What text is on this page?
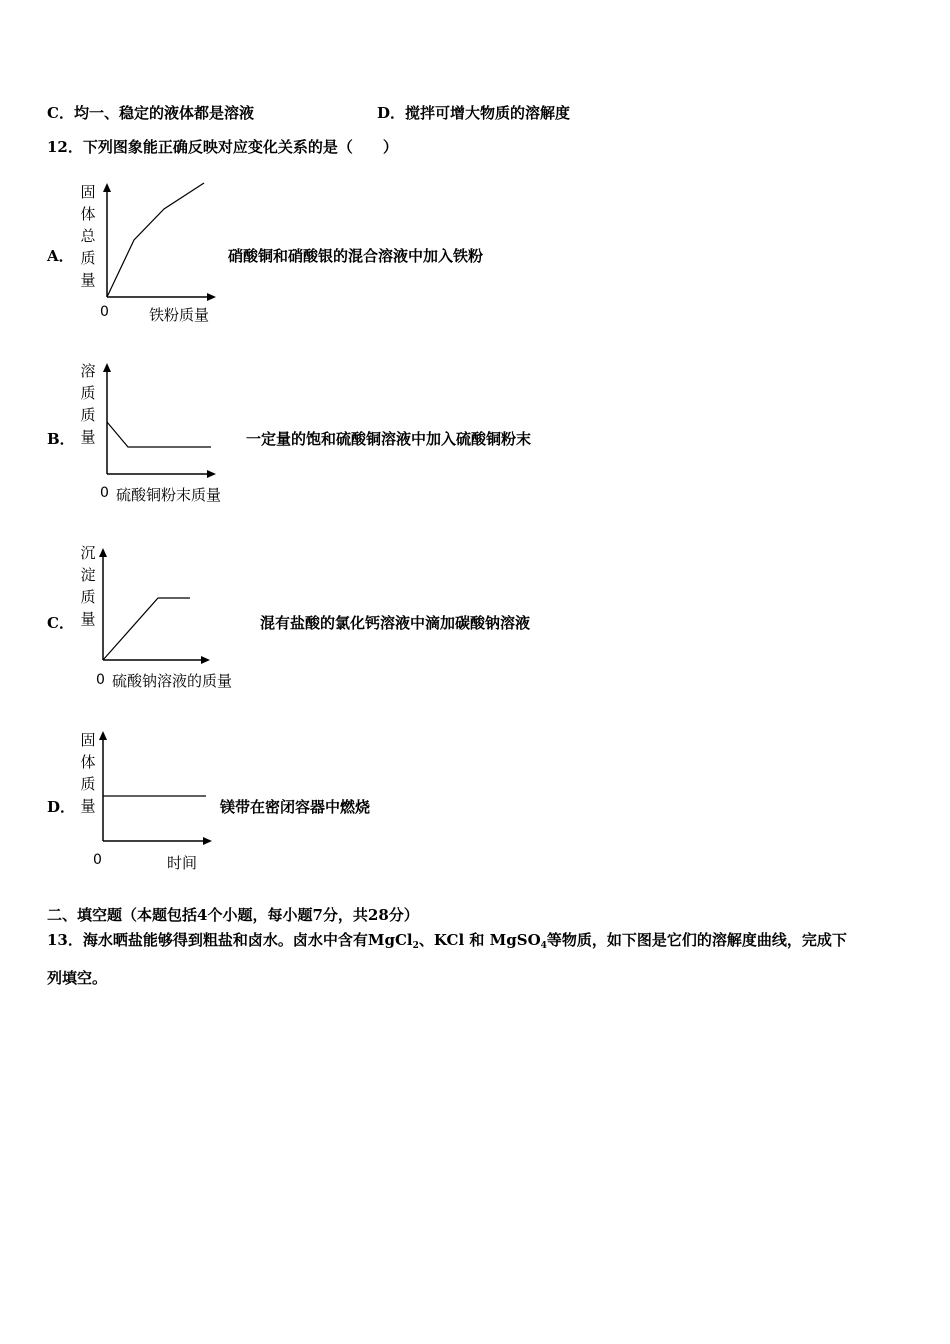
C．均一、稳定的液体都是溶液	D．搅拌可增大物质的溶解度
12．下列图象能正确反映对应变化关系的是（　　）
A．
固
体
总
质
量
0	铁粉质量
硝酸铜和硝酸银的混合溶液中加入铁粉
B．
溶
质
质
量
0 硫酸铜粉末质量
一定量的饱和硫酸铜溶液中加入硫酸铜粉末
C．
沉
淀
质
量
0 硫酸钠溶液的质量
混有盐酸的氯化钙溶液中滴加碳酸钠溶液
D．
固
体
质
量
0	时间
镁带在密闭容器中燃烧
二、填空题（本题包括4个小题，每小题7分，共28分）
13．海水晒盐能够得到粗盐和卤水。卤水中含有MgCl$_2$、KCl 和 MgSO$_4$等物质，如下图是它们的溶解度曲线，完成下
列填空。
